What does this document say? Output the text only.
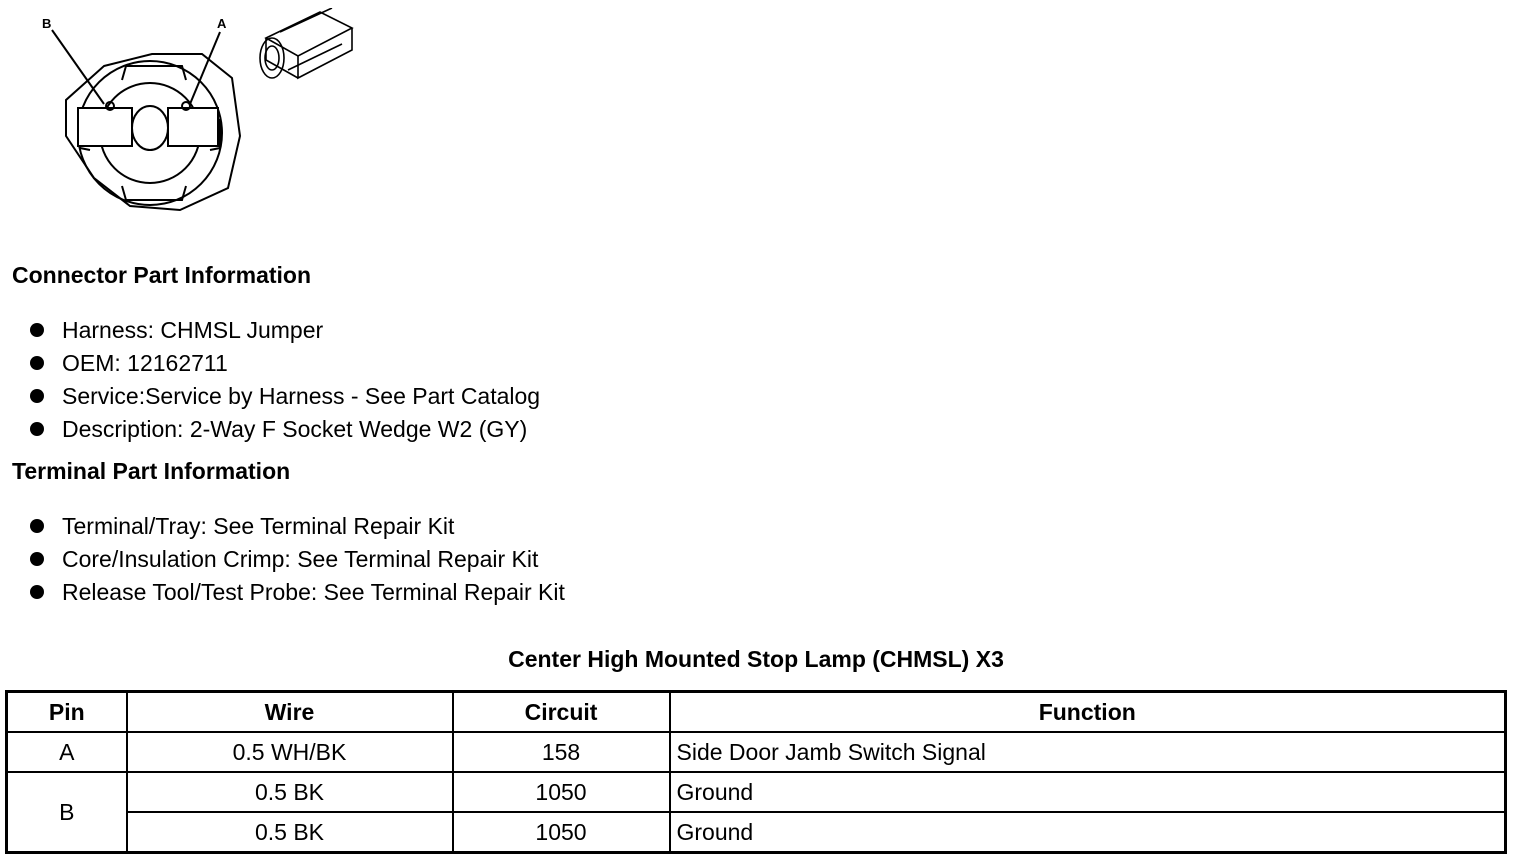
B	A
Connector Part Information
Harness: CHMSL Jumper
OEM: 12162711
Service:Service by Harness - See Part Catalog
Description: 2-Way F Socket Wedge W2 (GY)
Terminal Part Information
Terminal/Tray: See Terminal Repair Kit
Core/Insulation Crimp: See Terminal Repair Kit
Release Tool/Test Probe: See Terminal Repair Kit
Center High Mounted Stop Lamp (CHMSL) X3
Pin	Wire	Circuit	Function
A	0.5 WH/BK	158	Side Door Jamb Switch Signal
B	0.5 BK	1050	Ground
	0.5 BK	1050	Ground
